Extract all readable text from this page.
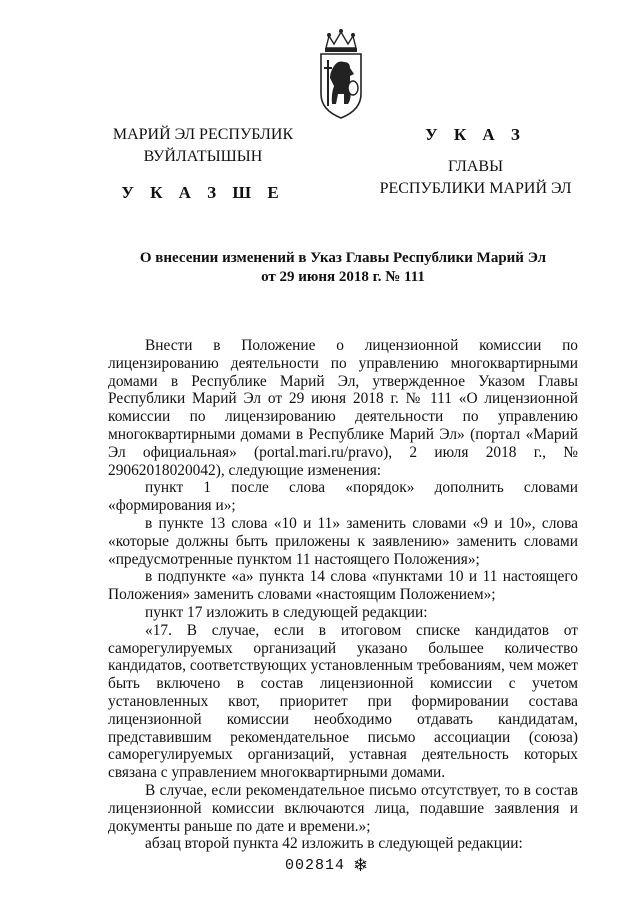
МАРИЙ ЭЛ РЕСПУБЛИК
ВУЙЛАТЫШЫН
У К А З Ш Е
У К А З
ГЛАВЫ
РЕСПУБЛИКИ МАРИЙ ЭЛ
О внесении изменений в Указ Главы Республики Марий Эл
от 29 июня 2018 г. № 111

Внести в Положение о лицензионной комиссии по лицензированию деятельности по управлению многоквартирными домами в Республике Марий Эл, утвержденное Указом Главы Республики Марий Эл от 29 июня 2018 г. № 111 «О лицензионной комиссии по лицензированию деятельности по управлению многоквартирными домами в Республике Марий Эл» (портал «Марий Эл официальная» (portal.mari.ru/pravo), 2 июля 2018 г., № 29062018020042), следующие изменения:

пункт 1 после слова «порядок» дополнить словами «формирования и»;

в пункте 13 слова «10 и 11» заменить словами «9 и 10», слова «которые должны быть приложены к заявлению» заменить словами «предусмотренные пунктом 11 настоящего Положения»;

в подпункте «а» пункта 14 слова «пунктами 10 и 11 настоящего Положения» заменить словами «настоящим Положением»;

пункт 17 изложить в следующей редакции:

«17. В случае, если в итоговом списке кандидатов от саморегулируемых организаций указано большее количество кандидатов, соответствующих установленным требованиям, чем может быть включено в состав лицензионной комиссии с учетом установленных квот, приоритет при формировании состава лицензионной комиссии необходимо отдавать кандидатам, представившим рекомендательное письмо ассоциации (союза) саморегулируемых организаций, уставная деятельность которых связана с управлением многоквартирными домами.

В случае, если рекомендательное письмо отсутствует, то в состав лицензионной комиссии включаются лица, подавшие заявления и документы раньше по дате и времени.»;

абзац второй пункта 42 изложить в следующей редакции:

002814 ❄
